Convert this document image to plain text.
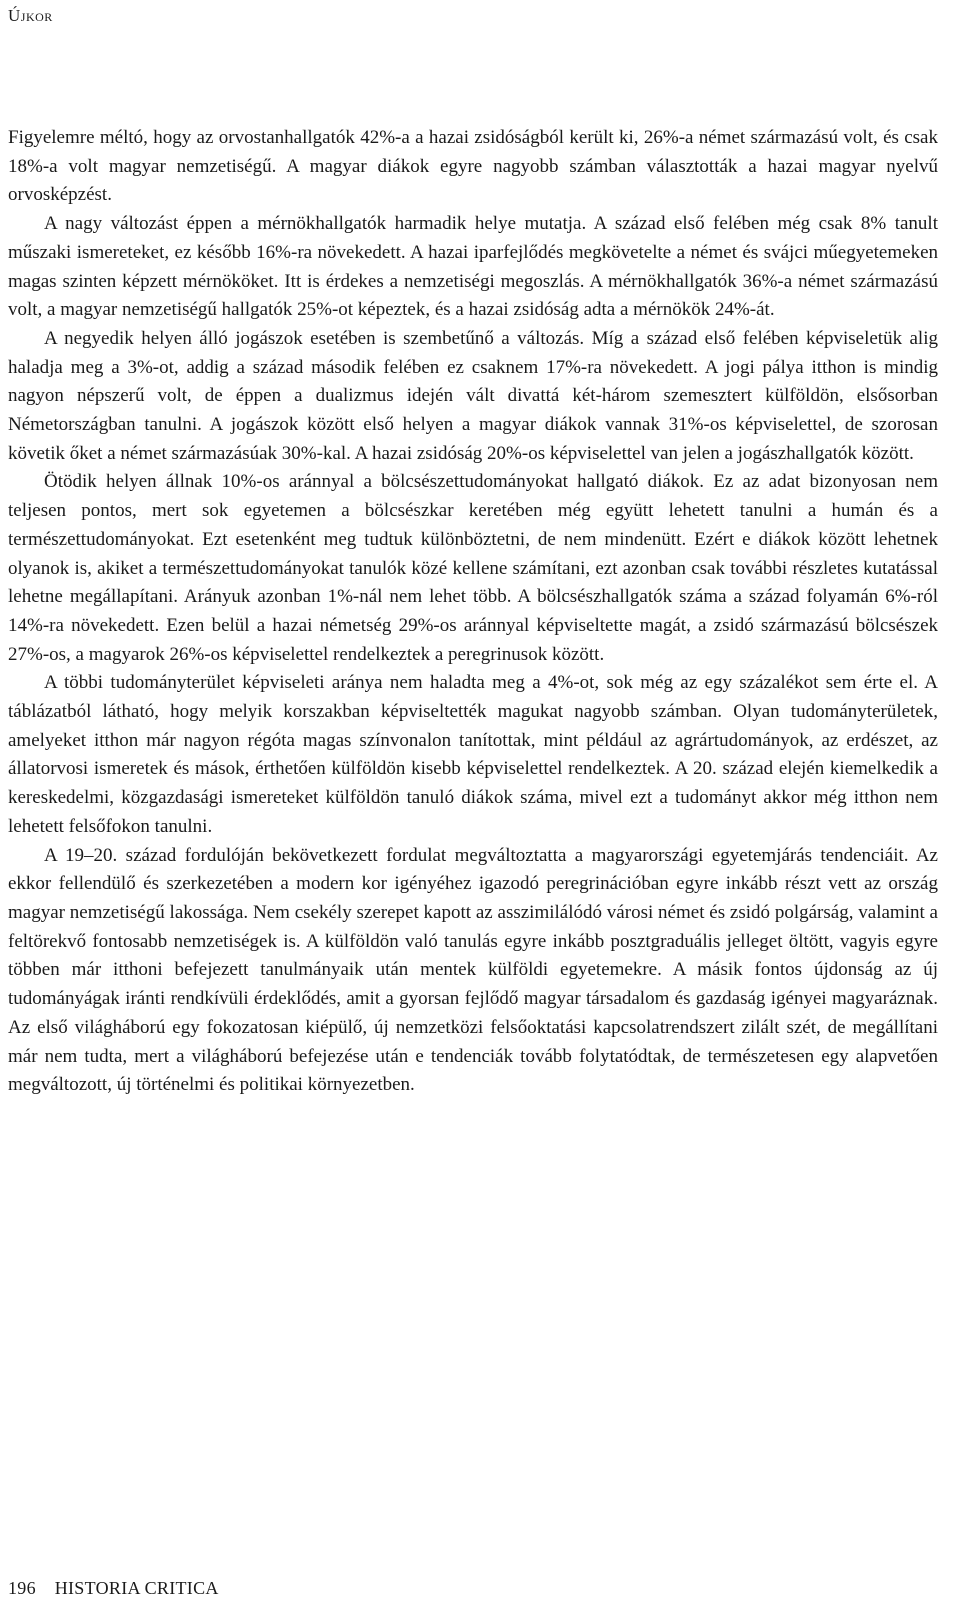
Újkor

Figyelemre méltó, hogy az orvostanhallgatók 42%-a a hazai zsidóságból került ki, 26%-a német származású volt, és csak 18%-a volt magyar nemzetiségű. A magyar diákok egyre nagyobb számban választották a hazai magyar nyelvű orvosképzést.

A nagy változást éppen a mérnökhallgatók harmadik helye mutatja. A század első felében még csak 8% tanult műszaki ismereteket, ez később 16%-ra növekedett. A hazai iparfejlődés megkövetelte a német és svájci műegyetemeken magas szinten képzett mérnököket. Itt is érdekes a nemzetiségi megoszlás. A mérnökhallgatók 36%-a német származású volt, a magyar nemzetiségű hallgatók 25%-ot képeztek, és a hazai zsidóság adta a mérnökök 24%-át.

A negyedik helyen álló jogászok esetében is szembetűnő a változás. Míg a század első felében képviseletük alig haladja meg a 3%-ot, addig a század második felében ez csaknem 17%-ra növekedett. A jogi pálya itthon is mindig nagyon népszerű volt, de éppen a dualizmus idején vált divattá két-három szemesztert külföldön, elsősorban Németországban tanulni. A jogászok között első helyen a magyar diákok vannak 31%-os képviselettel, de szorosan követik őket a német származásúak 30%-kal. A hazai zsidóság 20%-os képviselettel van jelen a jogászhallgatók között.

Ötödik helyen állnak 10%-os aránnyal a bölcsészettudományokat hallgató diákok. Ez az adat bizonyosan nem teljesen pontos, mert sok egyetemen a bölcsészkar keretében még együtt lehetett tanulni a humán és a természettudományokat. Ezt esetenként meg tudtuk különböztetni, de nem mindenütt. Ezért e diákok között lehetnek olyanok is, akiket a természettudományokat tanulók közé kellene számítani, ezt azonban csak további részletes kutatással lehetne megállapítani. Arányuk azonban 1%-nál nem lehet több. A bölcsészhallgatók száma a század folyamán 6%-ról 14%-ra növekedett. Ezen belül a hazai németség 29%-os aránnyal képviseltette magát, a zsidó származású bölcsészek 27%-os, a magyarok 26%-os képviselettel rendelkeztek a peregrinusok között.

A többi tudományterület képviseleti aránya nem haladta meg a 4%-ot, sok még az egy százalékot sem érte el. A táblázatból látható, hogy melyik korszakban képviseltették magukat nagyobb számban. Olyan tudományterületek, amelyeket itthon már nagyon régóta magas színvonalon tanítottak, mint például az agrártudományok, az erdészet, az állatorvosi ismeretek és mások, érthetően külföldön kisebb képviselettel rendelkeztek. A 20. század elején kiemelkedik a kereskedelmi, közgazdasági ismereteket külföldön tanuló diákok száma, mivel ezt a tudományt akkor még itthon nem lehetett felsőfokon tanulni.

A 19–20. század fordulóján bekövetkezett fordulat megváltoztatta a magyarországi egyetemjárás tendenciáit. Az ekkor fellendülő és szerkezetében a modern kor igényéhez igazodó peregrinációban egyre inkább részt vett az ország magyar nemzetiségű lakossága. Nem csekély szerepet kapott az asszimilálódó városi német és zsidó polgárság, valamint a feltörekvő fontosabb nemzetiségek is. A külföldön való tanulás egyre inkább posztgraduális jelleget öltött, vagyis egyre többen már itthoni befejezett tanulmányaik után mentek külföldi egyetemekre. A másik fontos újdonság az új tudományágak iránti rendkívüli érdeklődés, amit a gyorsan fejlődő magyar társadalom és gazdaság igényei magyaráznak. Az első világháború egy fokozatosan kiépülő, új nemzetközi felsőoktatási kapcsolatrendszert zilált szét, de megállítani már nem tudta, mert a világháború befejezése után e tendenciák tovább folytatódtak, de természetesen egy alapvetően megváltozott, új történelmi és politikai környezetben.

196 HISTORIA CRITICA
